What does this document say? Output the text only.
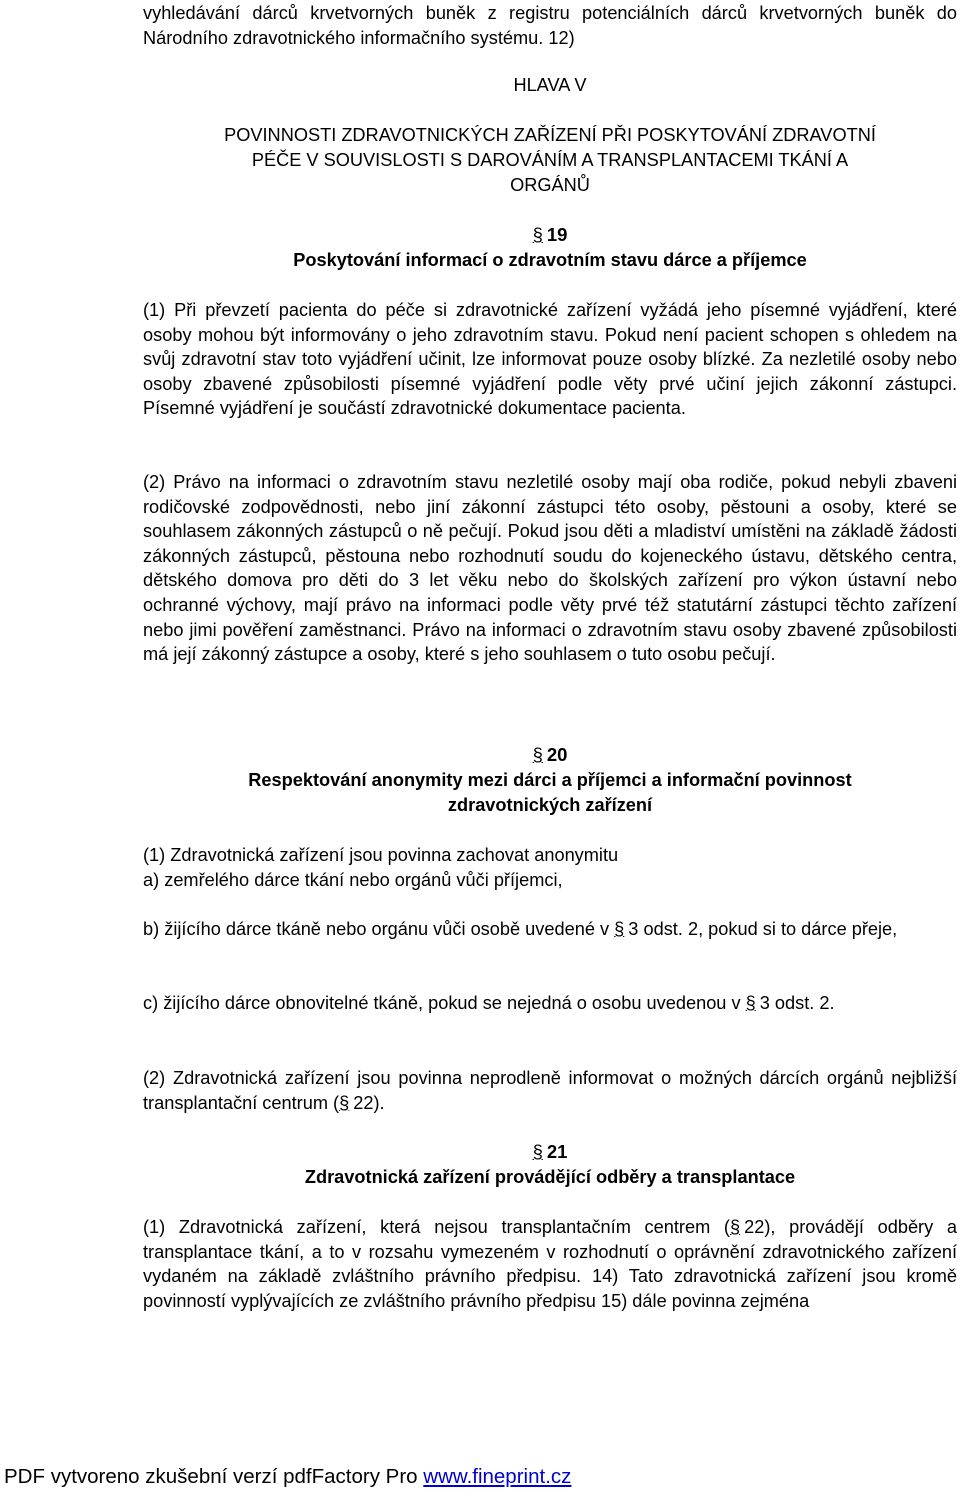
vyhledávání dárců krvetvorných buněk z registru potenciálních dárců krvetvorných buněk do Národního zdravotnického informačního systému. 12)

HLAVA V

POVINNOSTI ZDRAVOTNICKÝCH ZAŘÍZENÍ PŘI POSKYTOVÁNÍ ZDRAVOTNÍ

PÉČE V SOUVISLOSTI S DAROVÁNÍM A TRANSPLANTACEMI TKÁNÍ A

ORGÁNŮ

§ 19

Poskytování informací o zdravotním stavu dárce a příjemce

(1) Při převzetí pacienta do péče si zdravotnické zařízení vyžádá jeho písemné vyjádření, které osoby mohou být informovány o jeho zdravotním stavu. Pokud není pacient schopen s ohledem na svůj zdravotní stav toto vyjádření učinit, lze informovat pouze osoby blízké. Za nezletilé osoby nebo osoby zbavené způsobilosti písemné vyjádření podle věty prvé učiní jejich zákonní zástupci. Písemné vyjádření je součástí zdravotnické dokumentace pacienta.

(2) Právo na informaci o zdravotním stavu nezletilé osoby mají oba rodiče, pokud nebyli zbaveni rodičovské zodpovědnosti, nebo jiní zákonní zástupci této osoby, pěstouni a osoby, které se souhlasem zákonných zástupců o ně pečují. Pokud jsou děti a mladiství umístěni na základě žádosti zákonných zástupců, pěstouna nebo rozhodnutí soudu do kojeneckého ústavu, dětského centra, dětského domova pro děti do 3 let věku nebo do školských zařízení pro výkon ústavní nebo ochranné výchovy, mají právo na informaci podle věty prvé též statutární zástupci těchto zařízení nebo jimi pověření zaměstnanci. Právo na informaci o zdravotním stavu osoby zbavené způsobilosti má její zákonný zástupce a osoby, které s jeho souhlasem o tuto osobu pečují.

§ 20

Respektování anonymity mezi dárci a příjemci a informační povinnost

zdravotnických zařízení

(1) Zdravotnická zařízení jsou povinna zachovat anonymitu

a) zemřelého dárce tkání nebo orgánů vůči příjemci,

b) žijícího dárce tkáně nebo orgánu vůči osobě uvedené v § 3 odst. 2, pokud si to dárce přeje,

c) žijícího dárce obnovitelné tkáně, pokud se nejedná o osobu uvedenou v § 3 odst. 2.

(2) Zdravotnická zařízení jsou povinna neprodleně informovat o možných dárcích orgánů nejbližší transplantační centrum (§ 22).

§ 21

Zdravotnická zařízení provádějící odběry a transplantace

(1) Zdravotnická zařízení, která nejsou transplantačním centrem (§ 22), provádějí odběry a transplantace tkání, a to v rozsahu vymezeném v rozhodnutí o oprávnění zdravotnického zařízení vydaném na základě zvláštního právního předpisu. 14) Tato zdravotnická zařízení jsou kromě povinností vyplývajících ze zvláštního právního předpisu 15) dále povinna zejména

PDF vytvoreno zkušební verzí pdfFactory Pro www.fineprint.cz
